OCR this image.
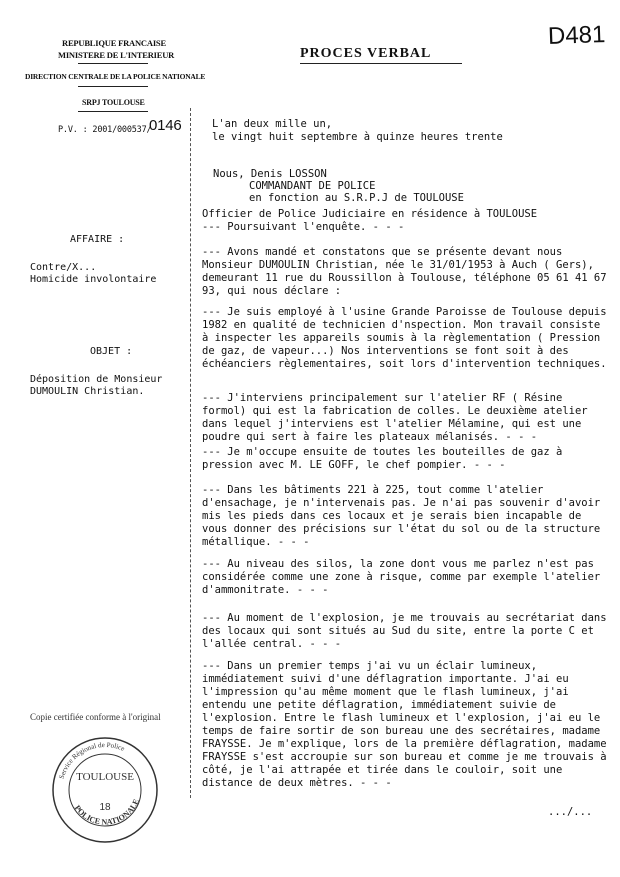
REPUBLIQUE FRANCAISE
MINISTERE DE L'INTERIEUR
DIRECTION CENTRALE DE LA POLICE NATIONALE
SRPJ TOULOUSE
P.V. : 2001/000537/
0146
PROCES VERBAL
D481
AFFAIRE :
Contre/X...
Homicide involontaire
OBJET :
Déposition de Monsieur
DUMOULIN Christian.
Copie certifiée conforme à l'original
Service Régional de Police
TOULOUSE
18
POLICE NATIONALE
L'an deux mille un,
le vingt huit septembre à quinze heures trente
Nous, Denis LOSSON
COMMANDANT DE POLICE
en fonction au S.R.P.J de TOULOUSE
Officier de Police Judiciaire en résidence à TOULOUSE
--- Poursuivant l'enquête. - - -
--- Avons mandé et constatons que se présente devant nous
Monsieur DUMOULIN Christian, née le 31/01/1953 à Auch ( Gers),
demeurant 11 rue du Roussillon à Toulouse, téléphone 05 61 41 67
93, qui nous déclare :
--- Je suis employé à l'usine Grande Paroisse de Toulouse depuis
1982 en qualité de technicien d'nspection. Mon travail consiste
à inspecter les appareils soumis à la règlementation ( Pression
de gaz, de vapeur...) Nos interventions se font soit à des
échéanciers règlementaires, soit lors d'intervention techniques.
--- J'interviens principalement sur l'atelier RF ( Résine
formol) qui est la fabrication de colles. Le deuxième atelier
dans lequel j'interviens est l'atelier Mélamine, qui est une
poudre qui sert à faire les plateaux mélanisés. - - -
--- Je m'occupe ensuite de toutes les bouteilles de gaz à
pression avec M. LE GOFF, le chef pompier. - - -
--- Dans les bâtiments 221 à 225, tout comme l'atelier
d'ensachage, je n'intervenais pas. Je n'ai pas souvenir d'avoir
mis les pieds dans ces locaux et je serais bien incapable de
vous donner des précisions sur l'état du sol ou de la structure
métallique. - - -
--- Au niveau des silos, la zone dont vous me parlez n'est pas
considérée comme une zone à risque, comme par exemple l'atelier
d'ammonitrate. - - -
--- Au moment de l'explosion, je me trouvais au secrétariat dans
des locaux qui sont situés au Sud du site, entre la porte C et
l'allée central. - - -
--- Dans un premier temps j'ai vu un éclair lumineux,
immédiatement suivi d'une déflagration importante. J'ai eu
l'impression qu'au même moment que le flash lumineux, j'ai
entendu une petite déflagration, immédiatement suivie de
l'explosion. Entre le flash lumineux et l'explosion, j'ai eu le
temps de faire sortir de son bureau une des secrétaires, madame
FRAYSSE. Je m'explique, lors de la première déflagration, madame
FRAYSSE s'est accroupie sur son bureau et comme je me trouvais à
côté, je l'ai attrapée et tirée dans le couloir, soit une
distance de deux mètres. - - -
.../...
